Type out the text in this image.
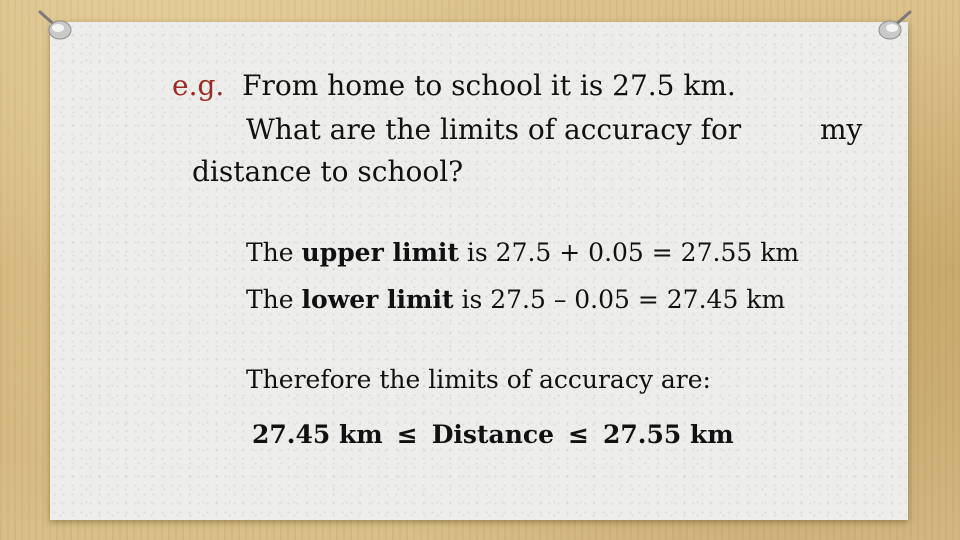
e.g. From home to school it is 27.5 km.
What are the limits of accuracy for	my
distance to school?
The upper limit is 27.5 + 0.05 = 27.55 km
The lower limit is 27.5 – 0.05 = 27.45 km
Therefore the limits of accuracy are:
27.45 km ≤ Distance ≤ 27.55 km
